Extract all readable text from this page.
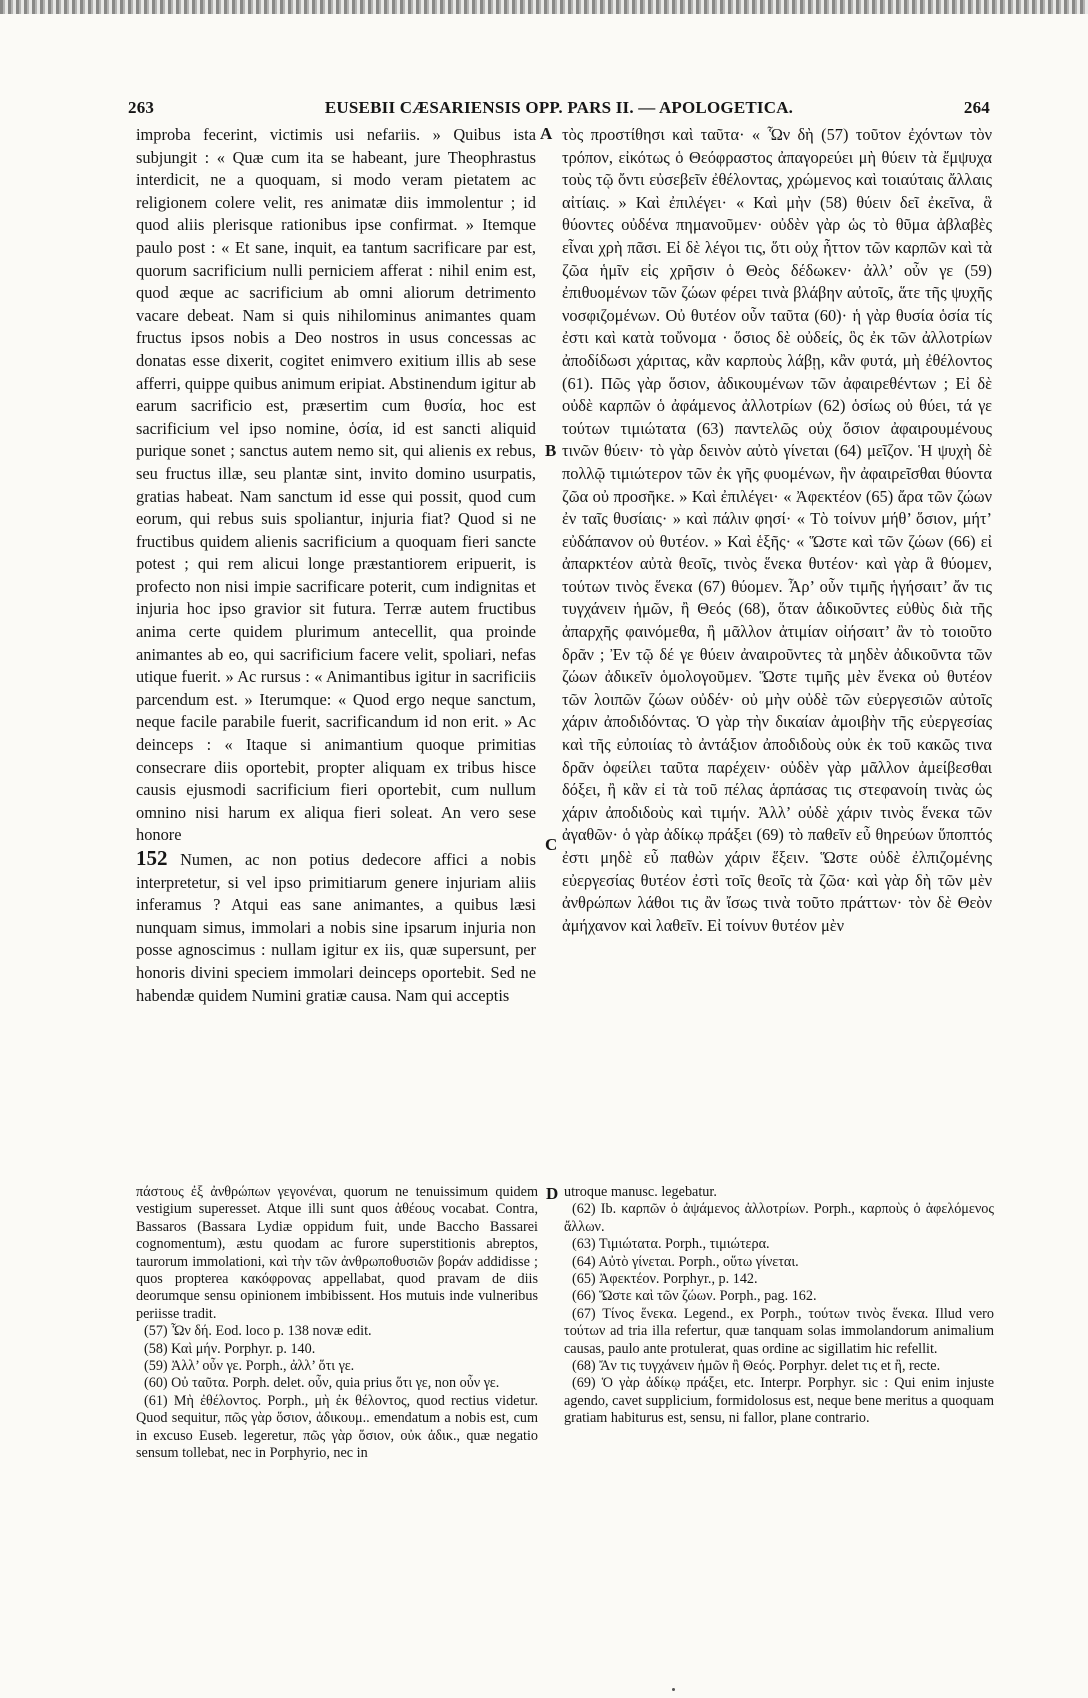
263	EUSEBII CÆSARIENSIS OPP. PARS II. — APOLOGETICA.	264
A
B
C
D

improba fecerint, victimis usi nefariis. » Quibus ista subjungit : « Quæ cum ita se habeant, jure Theophrastus interdicit, ne a quoquam, si modo veram pietatem ac religionem colere velit, res animatæ diis immolentur ; id quod aliis plerisque rationibus ipse confirmat. » Itemque paulo post : « Et sane, inquit, ea tantum sacrificare par est, quorum sacrificium nulli perniciem afferat : nihil enim est, quod æque ac sacrificium ab omni aliorum detrimento vacare debeat. Nam si quis nihilominus animantes quam fructus ipsos nobis a Deo nostros in usus concessas ac donatas esse dixerit, cogitet enimvero exitium illis ab sese afferri, quippe quibus animum eripiat. Abstinendum igitur ab earum sacrificio est, præsertim cum θυσία, hoc est sacrificium vel ipso nomine, ὁσία, id est sancti aliquid purique sonet ; sanctus autem nemo sit, qui alienis ex rebus, seu fructus illæ, seu plantæ sint, invito domino usurpatis, gratias habeat. Nam sanctum id esse qui possit, quod cum eorum, qui rebus suis spoliantur, injuria fiat? Quod si ne fructibus quidem alienis sacrificium a quoquam fieri sancte potest ; qui rem alicui longe præstantiorem eripuerit, is profecto non nisi impie sacrificare poterit, cum indignitas et injuria hoc ipso gravior sit futura. Terræ autem fructibus anima certe quidem plurimum antecellit, qua proinde animantes ab eo, qui sacrificium facere velit, spoliari, nefas utique fuerit. » Ac rursus : « Animantibus igitur in sacrificiis parcendum est. » Iterumque: « Quod ergo neque sanctum, neque facile parabile fuerit, sacrificandum id non erit. » Ac deinceps : « Itaque si animantium quoque primitias consecrare diis oportebit, propter aliquam ex tribus hisce causis ejusmodi sacrificium fieri oportebit, cum nullum omnino nisi harum ex aliqua fieri soleat. An vero sese honore

152 Numen, ac non potius dedecore affici a nobis interpretetur, si vel ipso primitiarum genere injuriam aliis inferamus ? Atqui eas sane animantes, a quibus læsi nunquam simus, immolari a nobis sine ipsarum injuria non posse agnoscimus : nullam igitur ex iis, quæ supersunt, per honoris divini speciem immolari deinceps oportebit. Sed ne habendæ quidem Numini gratiæ causa. Nam qui acceptis

τὸς προστίθησι καὶ ταῦτα· « Ὧν δὴ (57) τοῦτον ἐχόντων τὸν τρόπον, εἰκότως ὁ Θεόφραστος ἀπαγορεύει μὴ θύειν τὰ ἔμψυχα τοὺς τῷ ὄντι εὐσεβεῖν ἐθέλοντας, χρώμενος καὶ τοιαύταις ἄλλαις αἰτίαις. » Καὶ ἐπιλέγει· « Καὶ μὴν (58) θύειν δεῖ ἐκεῖνα, ἃ θύοντες οὐδένα πημανοῦμεν· οὐδὲν γὰρ ὡς τὸ θῦμα ἀβλαβὲς εἶναι χρὴ πᾶσι. Εἰ δὲ λέγοι τις, ὅτι οὐχ ἧττον τῶν καρπῶν καὶ τὰ ζῶα ἡμῖν εἰς χρῆσιν ὁ Θεὸς δέδωκεν· ἀλλ’ οὖν γε (59) ἐπιθυομένων τῶν ζώων φέρει τινὰ βλάβην αὐτοῖς, ἅτε τῆς ψυχῆς νοσφιζομένων. Οὐ θυτέον οὖν ταῦτα (60)· ἡ γὰρ θυσία ὁσία τίς ἐστι καὶ κατὰ τοὔνομα · ὅσιος δὲ οὐδείς, ὃς ἐκ τῶν ἀλλοτρίων ἀποδίδωσι χάριτας, κἂν καρποὺς λάβῃ, κἂν φυτά, μὴ ἐθέλοντος (61). Πῶς γὰρ ὅσιον, ἀδικουμένων τῶν ἀφαιρεθέντων ; Εἰ δὲ οὐδὲ καρπῶν ὁ ἀφάμενος ἀλλοτρίων (62) ὁσίως οὐ θύει, τά γε τούτων τιμιώτατα (63) παντελῶς οὐχ ὅσιον ἀφαιρουμένους τινῶν θύειν· τὸ γὰρ δεινὸν αὐτὸ γίνεται (64) μεῖζον. Ἡ ψυχὴ δὲ πολλῷ τιμιώτερον τῶν ἐκ γῆς φυομένων, ἣν ἀφαιρεῖσθαι θύοντα ζῶα οὐ προσῆκε. » Καὶ ἐπιλέγει· « Ἀφεκτέον (65) ἄρα τῶν ζώων ἐν ταῖς θυσίαις· » καὶ πάλιν φησί· « Τὸ τοίνυν μήθ’ ὅσιον, μήτ’ εὐδάπανον οὐ θυτέον. » Καὶ ἑξῆς· « Ὥστε καὶ τῶν ζώων (66) εἰ ἀπαρκτέον αὐτὰ θεοῖς, τινὸς ἕνεκα θυτέον· καὶ γὰρ ἃ θύομεν, τούτων τινὸς ἕνεκα (67) θύομεν. Ἆρ’ οὖν τιμῆς ἡγήσαιτ’ ἄν τις τυγχάνειν ἡμῶν, ἢ Θεός (68), ὅταν ἀδικοῦντες εὐθὺς διὰ τῆς ἀπαρχῆς φαινόμεθα, ἢ μᾶλλον ἀτιμίαν οἰήσαιτ’ ἂν τὸ τοιοῦτο δρᾶν ; Ἐν τῷ δέ γε θύειν ἀναιροῦντες τὰ μηδὲν ἀδικοῦντα τῶν ζώων ἀδικεῖν ὁμολογοῦμεν. Ὥστε τιμῆς μὲν ἕνεκα οὐ θυτέον τῶν λοιπῶν ζώων οὐδέν· οὐ μὴν οὐδὲ τῶν εὐεργεσιῶν αὐτοῖς χάριν ἀποδιδόντας. Ὁ γὰρ τὴν δικαίαν ἀμοιβὴν τῆς εὐεργεσίας καὶ τῆς εὐποιίας τὸ ἀντάξιον ἀποδιδοὺς οὐκ ἐκ τοῦ κακῶς τινα δρᾶν ὀφείλει ταῦτα παρέχειν· οὐδὲν γὰρ μᾶλλον ἀμείβεσθαι δόξει, ἢ κἂν εἰ τὰ τοῦ πέλας ἁρπάσας τις στεφανοίη τινὰς ὡς χάριν ἀποδιδοὺς καὶ τιμήν. Ἀλλ’ οὐδὲ χάριν τινὸς ἕνεκα τῶν ἀγαθῶν· ὁ γὰρ ἀδίκῳ πράξει (69) τὸ παθεῖν εὖ θηρεύων ὕποπτός ἐστι μηδὲ εὖ παθὼν χάριν ἕξειν. Ὥστε οὐδὲ ἐλπιζομένης εὐεργεσίας θυτέον ἐστὶ τοῖς θεοῖς τὰ ζῶα· καὶ γὰρ δὴ τῶν μὲν ἀνθρώπων λάθοι τις ἂν ἴσως τινὰ τοῦτο πράττων· τὸν δὲ Θεὸν ἀμήχανον καὶ λαθεῖν. Εἰ τοίνυν θυτέον μὲν

πάστους ἐξ ἀνθρώπων γεγονέναι, quorum ne tenuissimum quidem vestigium superesset. Atque illi sunt quos ἀθέους vocabat. Contra, Bassaros (Bassara Lydiæ oppidum fuit, unde Baccho Bassarei cognomentum), æstu quodam ac furore superstitionis abreptos, taurorum immolationi, καὶ τὴν τῶν ἀνθρωποθυσιῶν βοράν addidisse ; quos propterea κακόφρονας appellabat, quod pravam de diis deorumque sensu opinionem imbibissent. Hos mutuis inde vulneribus periisse tradit.

(57) Ὧν δή. Eod. loco p. 138 novæ edit.

(58) Καὶ μήν. Porphyr. p. 140.

(59) Ἀλλ’ οὖν γε. Porph., ἀλλ’ ὅτι γε.

(60) Οὐ ταῦτα. Porph. delet. οὖν, quia prius ὅτι γε, non οὖν γε.

(61) Μὴ ἐθέλοντος. Porph., μὴ ἐκ θέλοντος, quod rectius videtur. Quod sequitur, πῶς γὰρ ὅσιον, ἀδικουμ.. emendatum a nobis est, cum in excuso Euseb. legeretur, πῶς γὰρ ὅσιον, οὐκ ἀδικ., quæ negatio sensum tollebat, nec in Porphyrio, nec in

utroque manusc. legebatur.

(62) Ib. καρπῶν ὁ ἀψάμενος ἀλλοτρίων. Porph., καρποὺς ὁ ἀφελόμενος ἄλλων.

(63) Τιμιώτατα. Porph., τιμιώτερα.

(64) Αὐτὸ γίνεται. Porph., οὕτω γίνεται.

(65) Ἀφεκτέον. Porphyr., p. 142.

(66) Ὥστε καὶ τῶν ζώων. Porph., pag. 162.

(67) Τίνος ἕνεκα. Legend., ex Porph., τούτων τινὸς ἕνεκα. Illud vero τούτων ad tria illa refertur, quæ tanquam solas immolandorum animalium causas, paulo ante protulerat, quas ordine ac sigillatim hic refellit.

(68) Ἄν τις τυγχάνειν ἡμῶν ἢ Θεός. Porphyr. delet τις et ἢ, recte.

(69) Ὁ γὰρ ἀδίκῳ πράξει, etc. Interpr. Porphyr. sic : Qui enim injuste agendo, cavet supplicium, formidolosus est, neque bene meritus a quoquam gratiam habiturus est, sensu, ni fallor, plane contrario.
